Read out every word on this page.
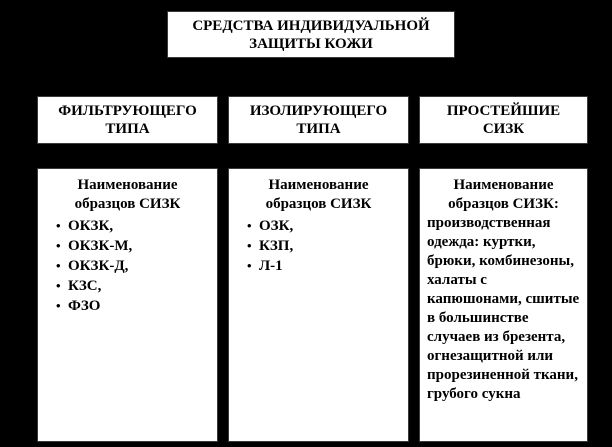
СРЕДСТВА ИНДИВИДУАЛЬНОЙ ЗАЩИТЫ КОЖИ
ФИЛЬТРУЮЩЕГО ТИПА
ИЗОЛИРУЮЩЕГО ТИПА
ПРОСТЕЙШИЕ СИЗК
Наименование образцов СИЗК
• ОКЗК,
• ОКЗК-М,
• ОКЗК-Д,
• КЗС,
• ФЗО
Наименование образцов СИЗК
• ОЗК,
• КЗП,
• Л-1
Наименование образцов СИЗК:
производственная одежда: куртки, брюки, комбинезоны, халаты с капюшонами, сшитые в большинстве случаев из брезента, огнезащитной или прорезиненной ткани, грубого сукна
